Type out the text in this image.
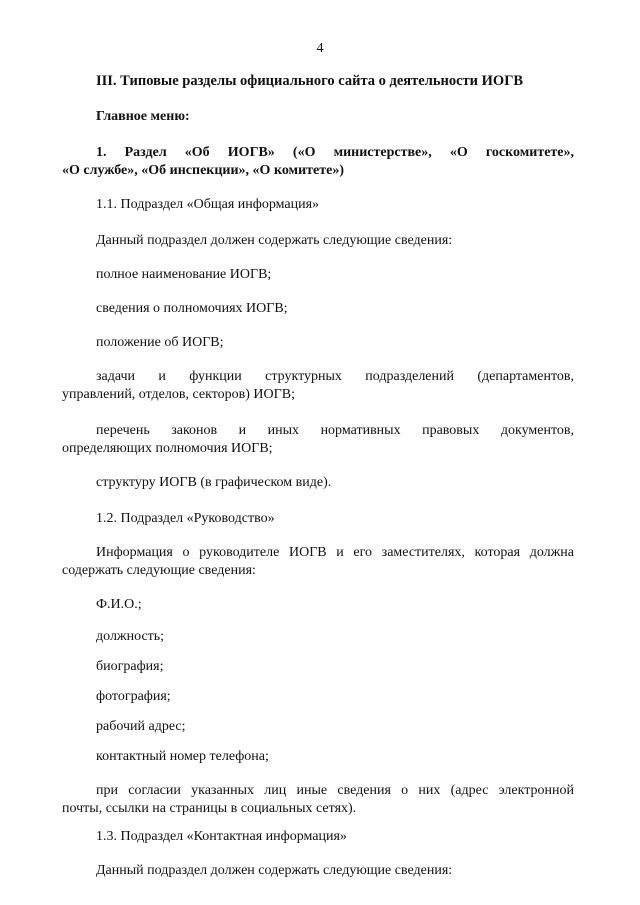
4
III. Типовые разделы официального сайта о деятельности ИОГВ
Главное меню:
1. Раздел «Об ИОГВ» («О министерстве», «О госкомитете»,
«О службе», «Об инспекции», «О комитете»)
1.1. Подраздел «Общая информация»
Данный подраздел должен содержать следующие сведения:
полное наименование ИОГВ;
сведения о полномочиях ИОГВ;
положение об ИОГВ;
задачи и функции структурных подразделений (департаментов,
управлений, отделов, секторов) ИОГВ;
перечень законов и иных нормативных правовых документов,
определяющих полномочия ИОГВ;
структуру ИОГВ (в графическом виде).
1.2. Подраздел «Руководство»
Информация о руководителе ИОГВ и его заместителях, которая должна
содержать следующие сведения:
Ф.И.О.;
должность;
биография;
фотография;
рабочий адрес;
контактный номер телефона;
при согласии указанных лиц иные сведения о них (адрес электронной
почты, ссылки на страницы в социальных сетях).
1.3. Подраздел «Контактная информация»
Данный подраздел должен содержать следующие сведения:
